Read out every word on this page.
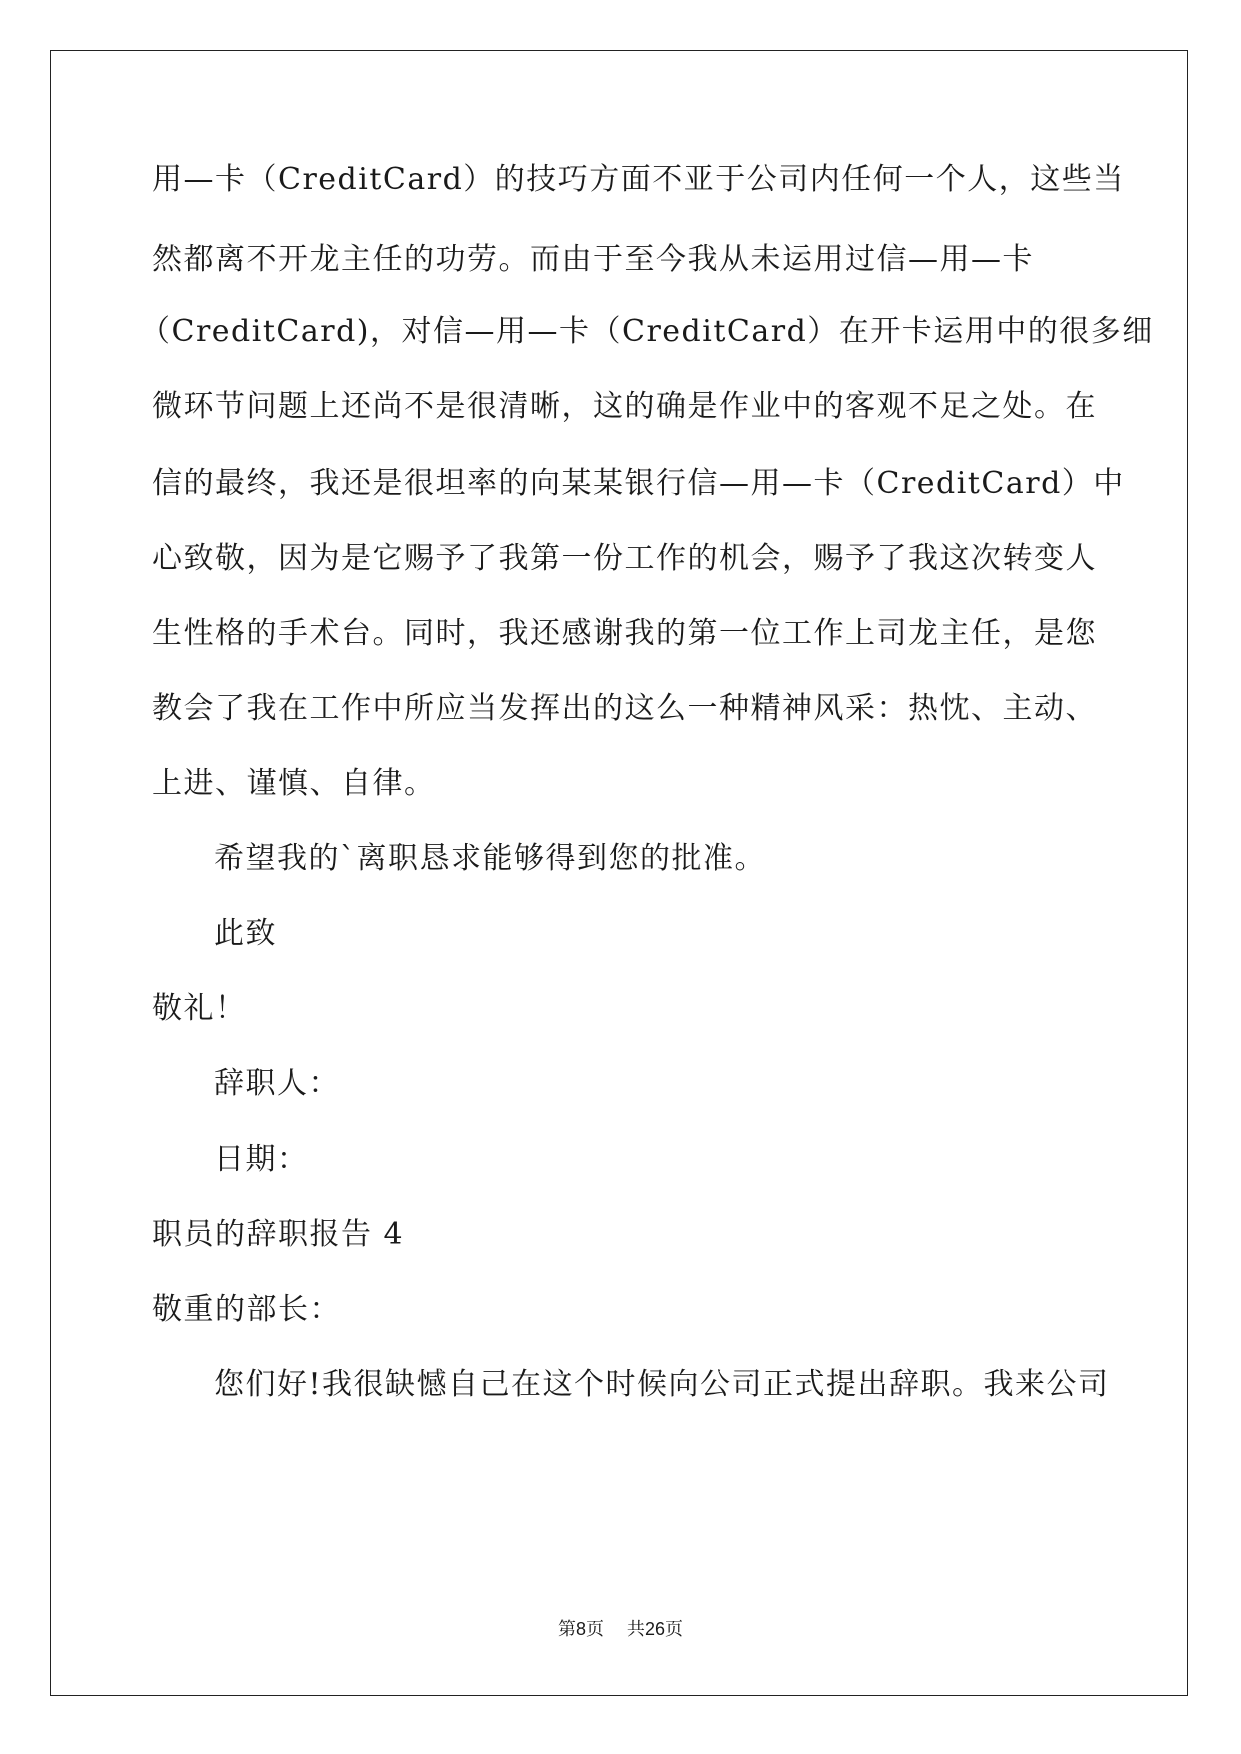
用—卡（CreditCard）的技巧方面不亚于公司内任何一个人，这些当

然都离不开龙主任的功劳。而由于至今我从未运用过信—用—卡

（CreditCard)，对信—用—卡（CreditCard）在开卡运用中的很多细

微环节问题上还尚不是很清晰，这的确是作业中的客观不足之处。在

信的最终，我还是很坦率的向某某银行信—用—卡（CreditCard）中

心致敬，因为是它赐予了我第一份工作的机会，赐予了我这次转变人

生性格的手术台。同时，我还感谢我的第一位工作上司龙主任，是您

教会了我在工作中所应当发挥出的这么一种精神风采：热忱、主动、

上进、谨慎、自律。

希望我的`离职恳求能够得到您的批准。

此致

敬礼！

辞职人：

日期：

职员的辞职报告 4

敬重的部长：

您们好!我很缺憾自己在这个时候向公司正式提出辞职。我来公司

第8页    共26页
